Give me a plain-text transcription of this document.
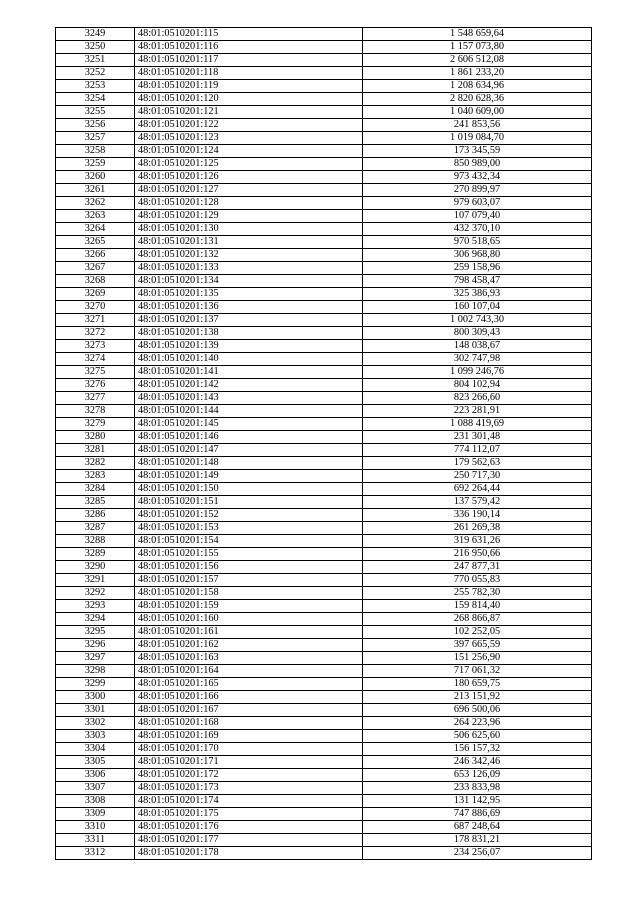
3249	48:01:0510201:115	1 548 659,64
3250	48:01:0510201:116	1 157 073,80
3251	48:01:0510201:117	2 606 512,08
3252	48:01:0510201:118	1 861 233,20
3253	48:01:0510201:119	1 208 634,96
3254	48:01:0510201:120	2 820 628,36
3255	48:01:0510201:121	1 040 609,00
3256	48:01:0510201:122	241 853,56
3257	48:01:0510201:123	1 019 084,70
3258	48:01:0510201:124	173 345,59
3259	48:01:0510201:125	850 989,00
3260	48:01:0510201:126	973 432,34
3261	48:01:0510201:127	270 899,97
3262	48:01:0510201:128	979 603,07
3263	48:01:0510201:129	107 079,40
3264	48:01:0510201:130	432 370,10
3265	48:01:0510201:131	970 518,65
3266	48:01:0510201:132	306 968,80
3267	48:01:0510201:133	259 158,96
3268	48:01:0510201:134	798 458,47
3269	48:01:0510201:135	325 386,93
3270	48:01:0510201:136	160 107,04
3271	48:01:0510201:137	1 002 743,30
3272	48:01:0510201:138	800 309,43
3273	48:01:0510201:139	148 038,67
3274	48:01:0510201:140	302 747,98
3275	48:01:0510201:141	1 099 246,76
3276	48:01:0510201:142	804 102,94
3277	48:01:0510201:143	823 266,60
3278	48:01:0510201:144	223 281,91
3279	48:01:0510201:145	1 088 419,69
3280	48:01:0510201:146	231 301,48
3281	48:01:0510201:147	774 112,07
3282	48:01:0510201:148	179 562,63
3283	48:01:0510201:149	250 717,30
3284	48:01:0510201:150	692 264,44
3285	48:01:0510201:151	137 579,42
3286	48:01:0510201:152	336 190,14
3287	48:01:0510201:153	261 269,38
3288	48:01:0510201:154	319 631,26
3289	48:01:0510201:155	216 950,66
3290	48:01:0510201:156	247 877,31
3291	48:01:0510201:157	770 055,83
3292	48:01:0510201:158	255 782,30
3293	48:01:0510201:159	159 814,40
3294	48:01:0510201:160	268 866,87
3295	48:01:0510201:161	102 252,05
3296	48:01:0510201:162	397 665,59
3297	48:01:0510201:163	151 256,90
3298	48:01:0510201:164	717 061,32
3299	48:01:0510201:165	180 659,75
3300	48:01:0510201:166	213 151,92
3301	48:01:0510201:167	696 500,06
3302	48:01:0510201:168	264 223,96
3303	48:01:0510201:169	506 625,60
3304	48:01:0510201:170	156 157,32
3305	48:01:0510201:171	246 342,46
3306	48:01:0510201:172	653 126,09
3307	48:01:0510201:173	233 833,98
3308	48:01:0510201:174	131 142,95
3309	48:01:0510201:175	747 886,69
3310	48:01:0510201:176	687 248,64
3311	48:01:0510201:177	178 831,21
3312	48:01:0510201:178	234 256,07
